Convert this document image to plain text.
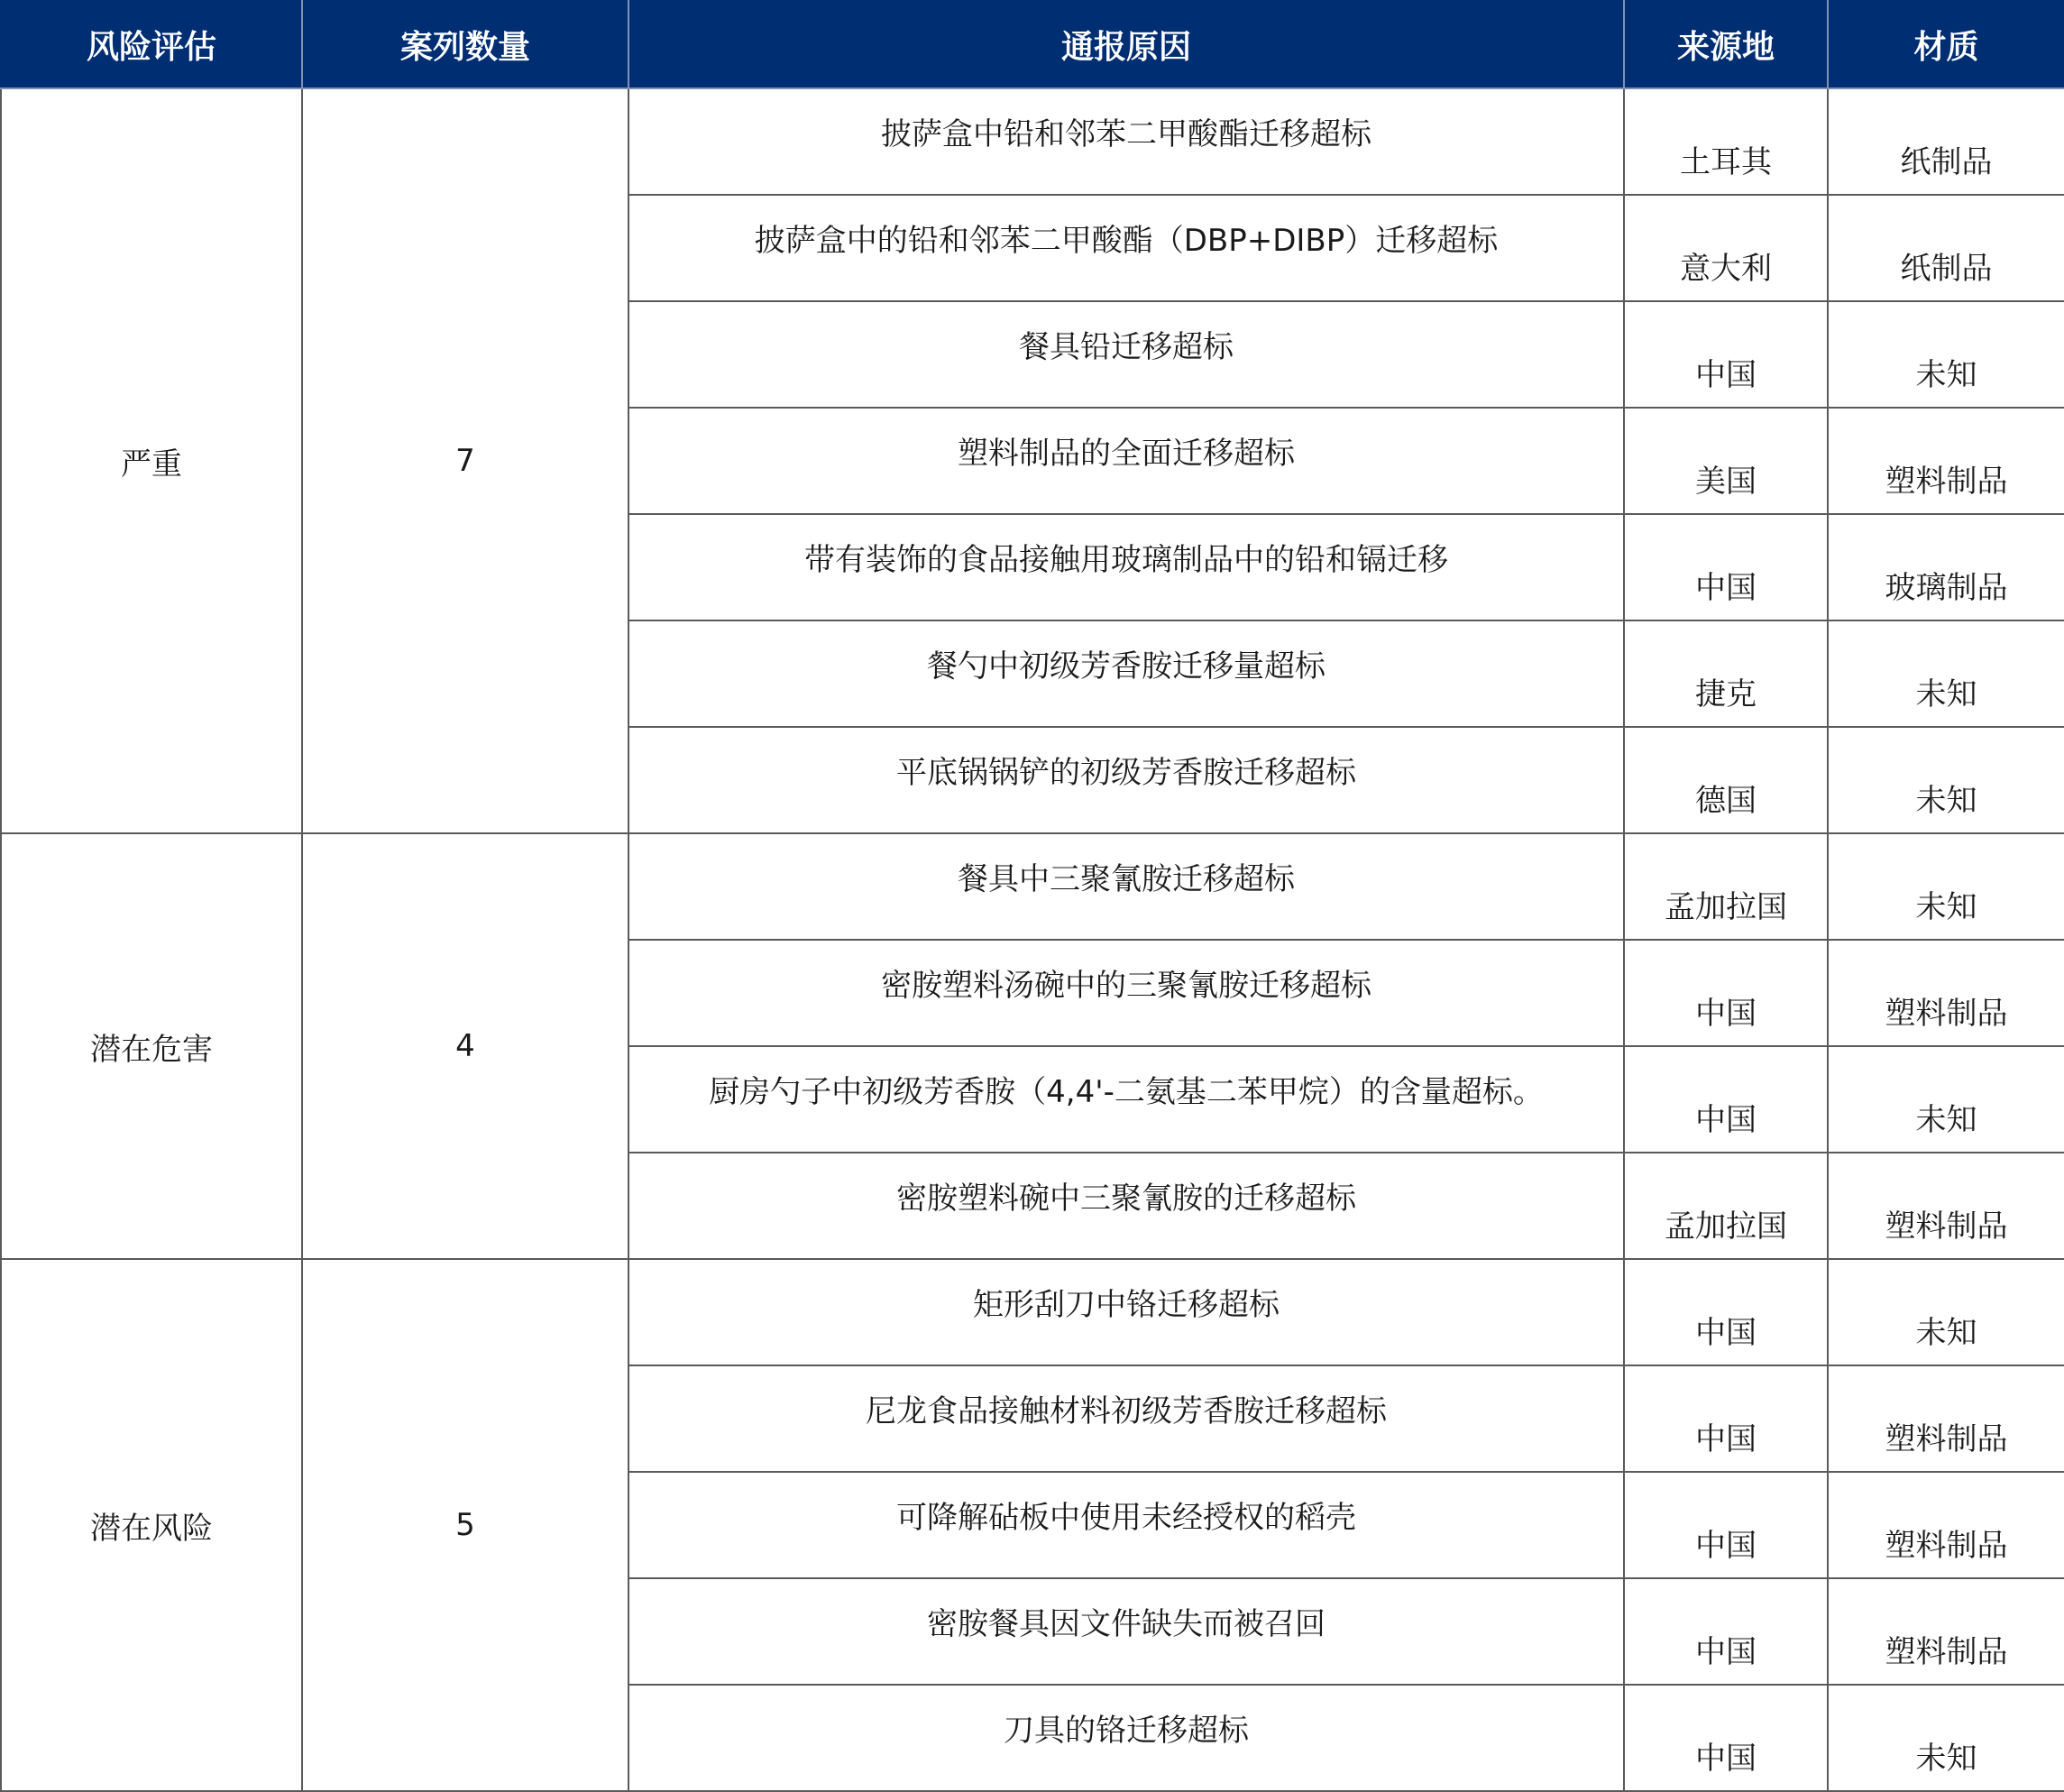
风险评估	案列数量	通报原因	来源地	材质
严重	7	披萨盒中铅和邻苯二甲酸酯迁移超标	土耳其	纸制品
		披萨盒中的铅和邻苯二甲酸酯（DBP+DIBP）迁移超标	意大利	纸制品
		餐具铅迁移超标	中国	未知
		塑料制品的全面迁移超标	美国	塑料制品
		带有装饰的食品接触用玻璃制品中的铅和镉迁移	中国	玻璃制品
		餐勺中初级芳香胺迁移量超标	捷克	未知
		平底锅锅铲的初级芳香胺迁移超标	德国	未知
潜在危害	4	餐具中三聚氰胺迁移超标	孟加拉国	未知
		密胺塑料汤碗中的三聚氰胺迁移超标	中国	塑料制品
		厨房勺子中初级芳香胺（4,4'-二氨基二苯甲烷）的含量超标。	中国	未知
		密胺塑料碗中三聚氰胺的迁移超标	孟加拉国	塑料制品
潜在风险	5	矩形刮刀中铬迁移超标	中国	未知
		尼龙食品接触材料初级芳香胺迁移超标	中国	塑料制品
		可降解砧板中使用未经授权的稻壳	中国	塑料制品
		密胺餐具因文件缺失而被召回	中国	塑料制品
		刀具的铬迁移超标	中国	未知
